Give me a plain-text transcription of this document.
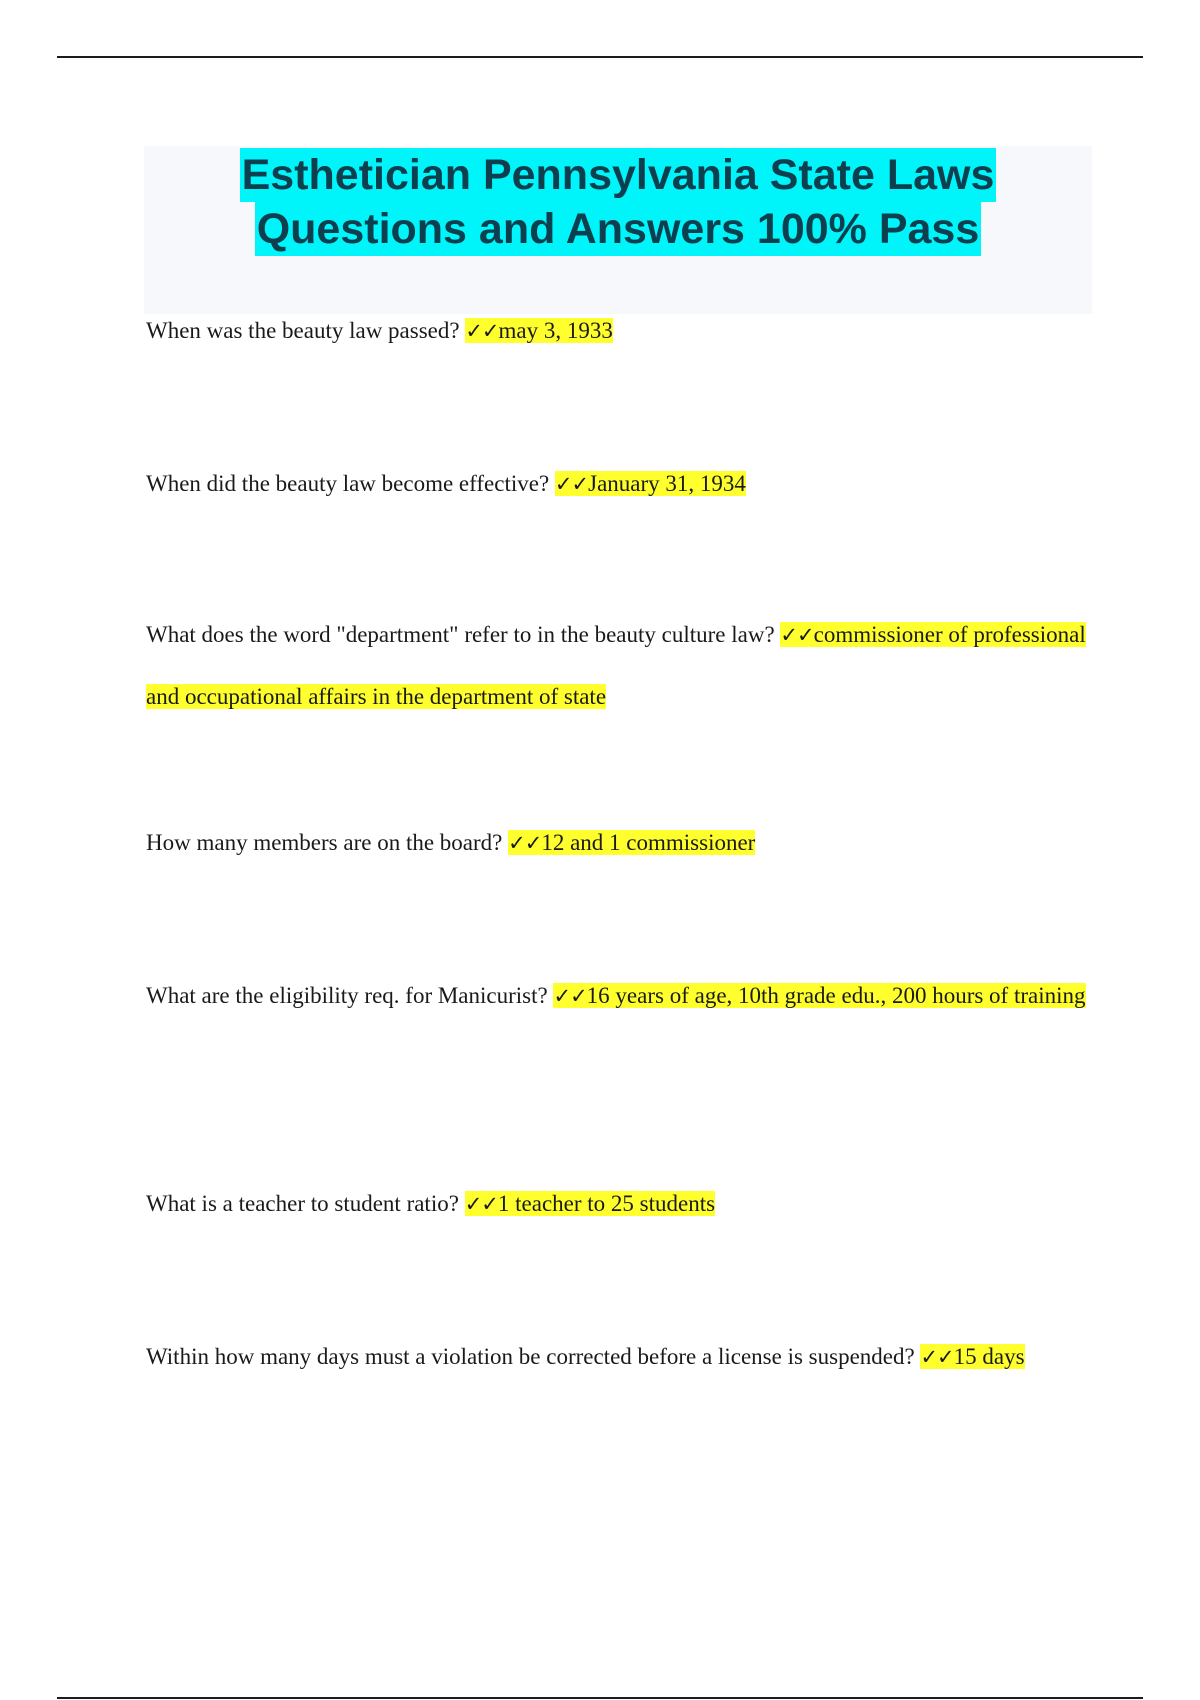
Esthetician Pennsylvania State Laws
Questions and Answers 100% Pass

When was the beauty law passed? ✓✓may 3, 1933

When did the beauty law become effective? ✓✓January 31, 1934

What does the word "department" refer to in the beauty culture law? ✓✓commissioner of professional and occupational affairs in the department of state

How many members are on the board? ✓✓12 and 1 commissioner

What are the eligibility req. for Manicurist? ✓✓16 years of age, 10th grade edu., 200 hours of training

What is a teacher to student ratio? ✓✓1 teacher to 25 students

Within how many days must a violation be corrected before a license is suspended? ✓✓15 days
